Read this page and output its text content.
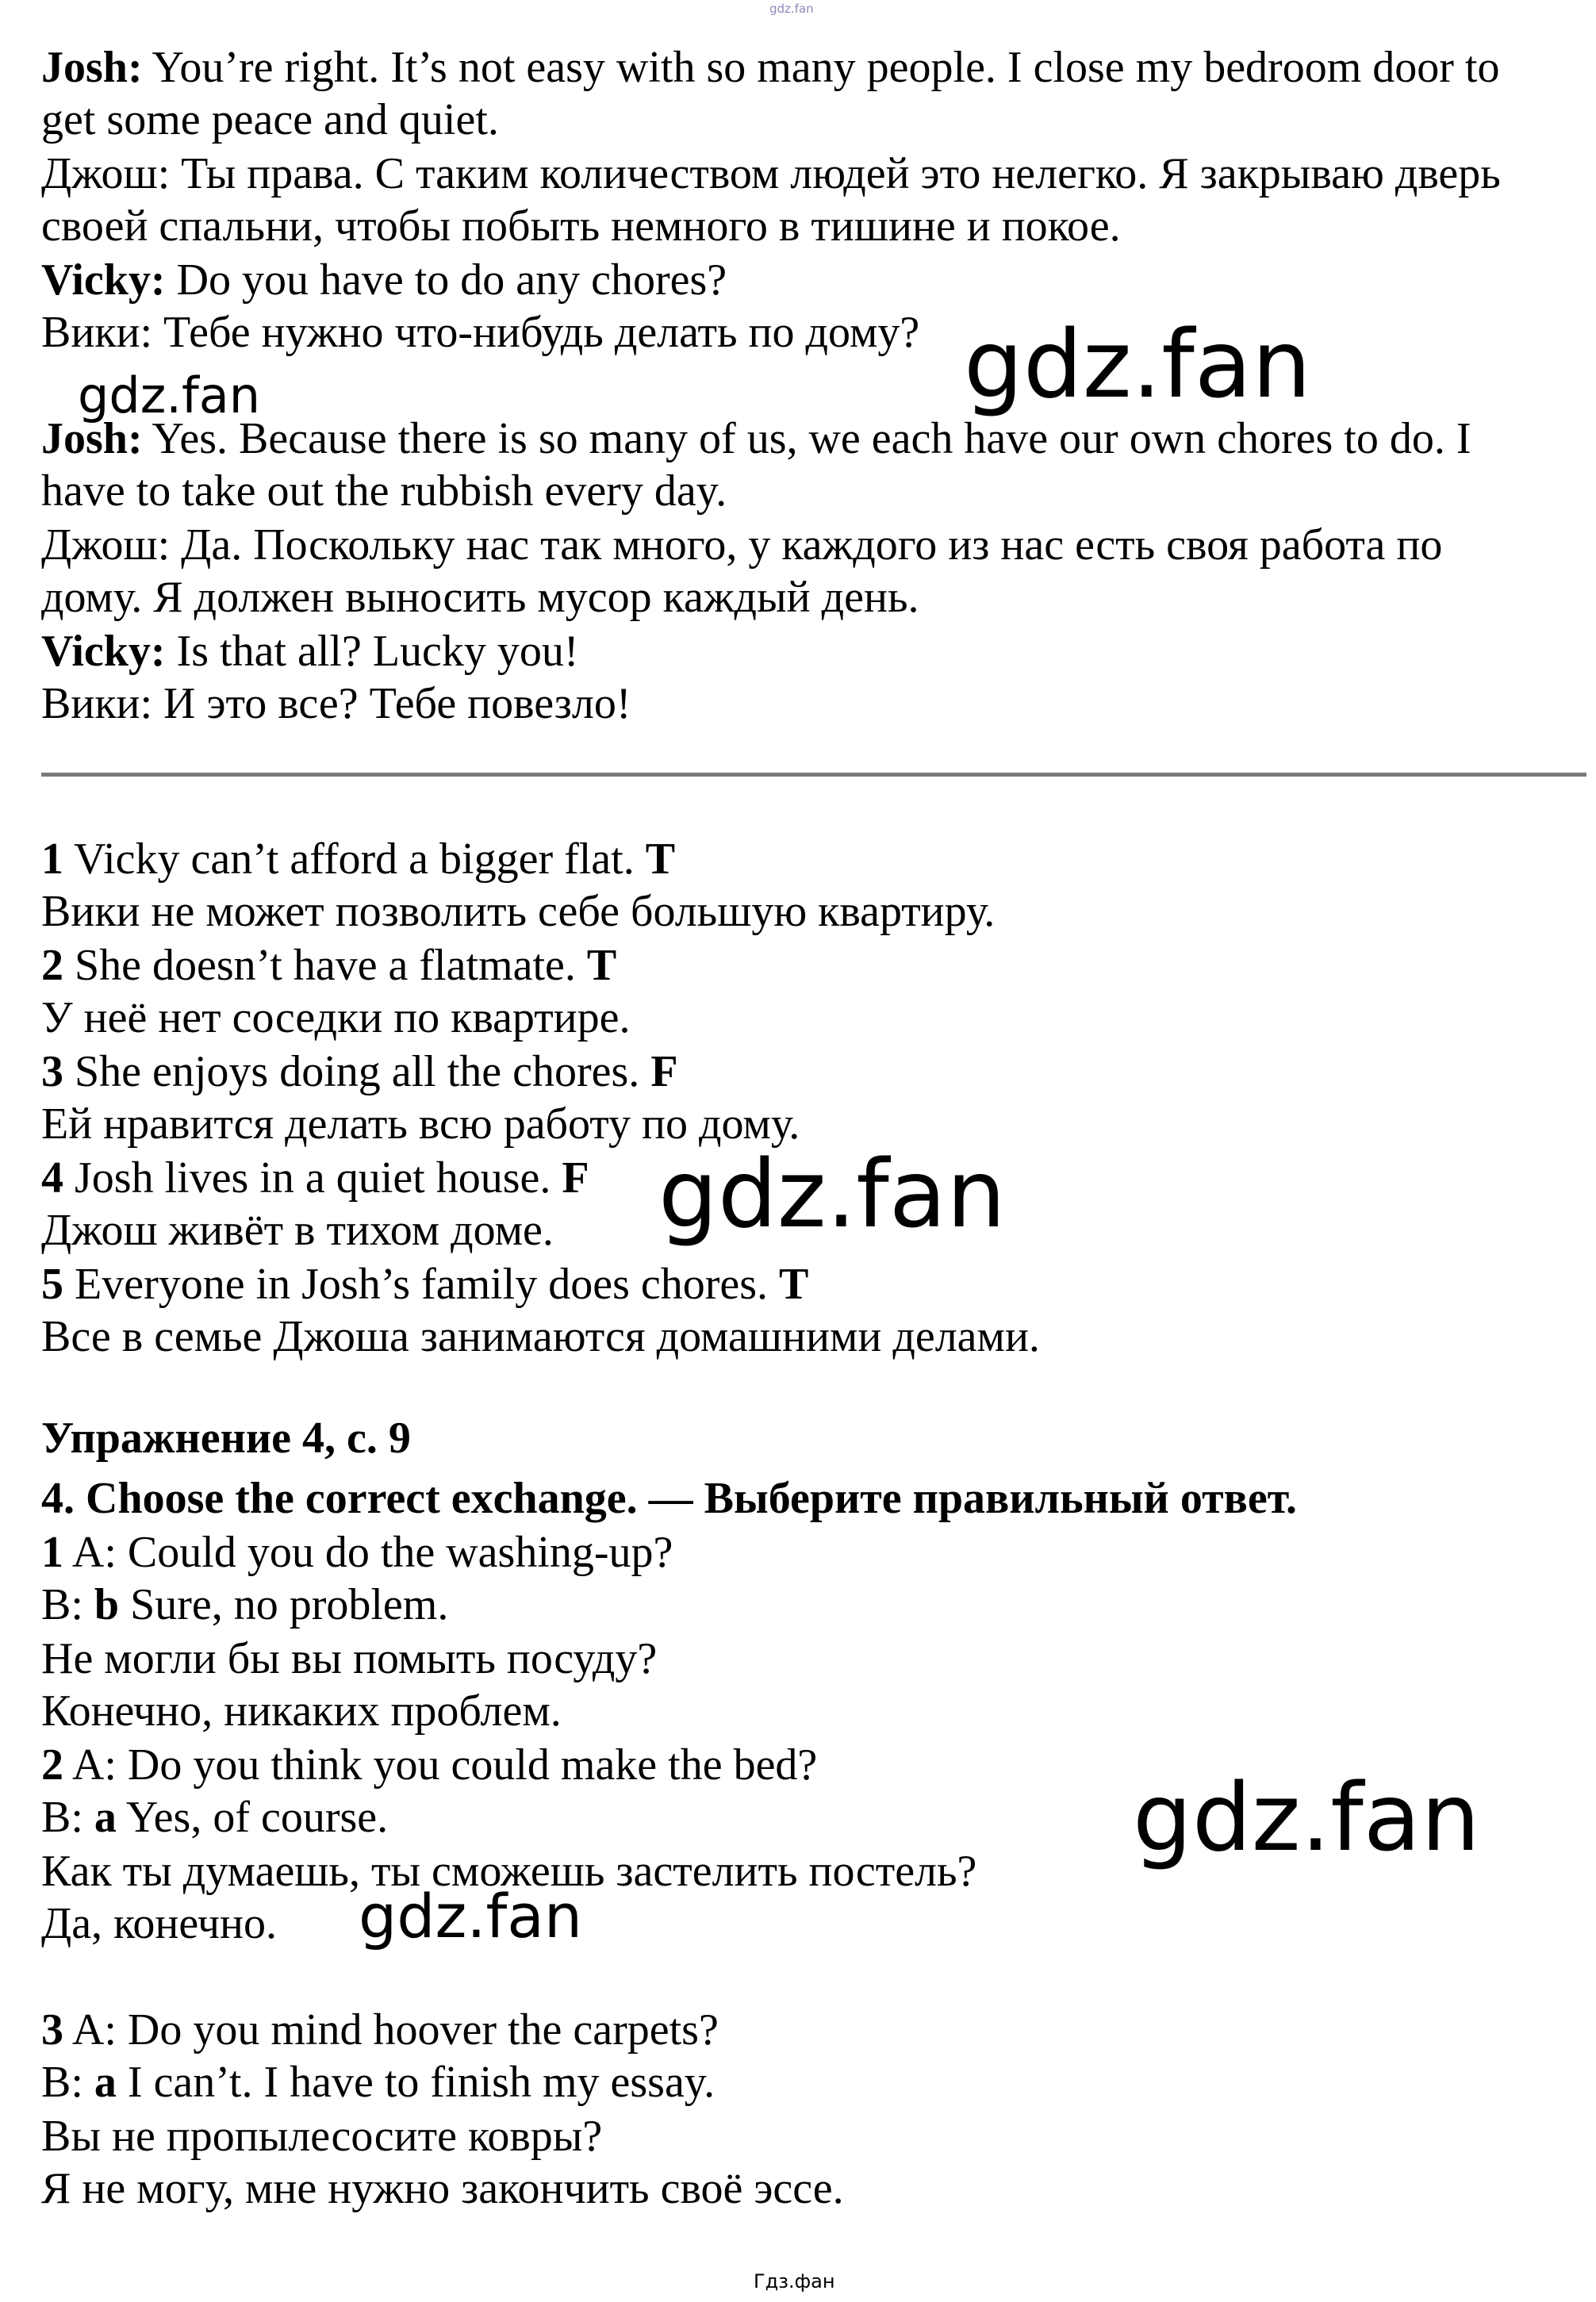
gdz.fan

Josh: You’re right. It’s not easy with so many people. I close my bedroom door to

get some peace and quiet.

Джош: Ты права. С таким количеством людей это нелегко. Я закрываю дверь

своей спальни, чтобы побыть немного в тишине и покое.

Vicky: Do you have to do any chores?

Вики: Тебе нужно что-нибудь делать по дому?

Josh: Yes. Because there is so many of us, we each have our own chores to do. I

have to take out the rubbish every day.

Джош: Да. Поскольку нас так много, у каждого из нас есть своя работа по

дому. Я должен выносить мусор каждый день.

Vicky: Is that all? Lucky you!

Вики: И это все? Тебе повезло!

1 Vicky can’t afford a bigger flat. T

Вики не может позволить себе большую квартиру.

2 She doesn’t have a flatmate. T

У неё нет соседки по квартире.

3 She enjoys doing all the chores. F

Ей нравится делать всю работу по дому.

4 Josh lives in a quiet house. F

Джош живёт в тихом доме.

5 Everyone in Josh’s family does chores. T

Все в семье Джоша занимаются домашними делами.

Упражнение 4, с. 9

4. Choose the correct exchange. — Выберите правильный ответ.

1 A: Could you do the washing-up?

B: b Sure, no problem.

Не могли бы вы помыть посуду?

Конечно, никаких проблем.

2 A: Do you think you could make the bed?

B: a Yes, of course.

Как ты думаешь, ты сможешь застелить постель?

Да, конечно.

3 A: Do you mind hoover the carpets?

B: a I can’t. I have to finish my essay.

Вы не пропылесосите ковры?

Я не могу, мне нужно закончить своё эссе.

gdz.fan
gdz.fan
gdz.fan
gdz.fan
gdz.fan
Гдз.фан
